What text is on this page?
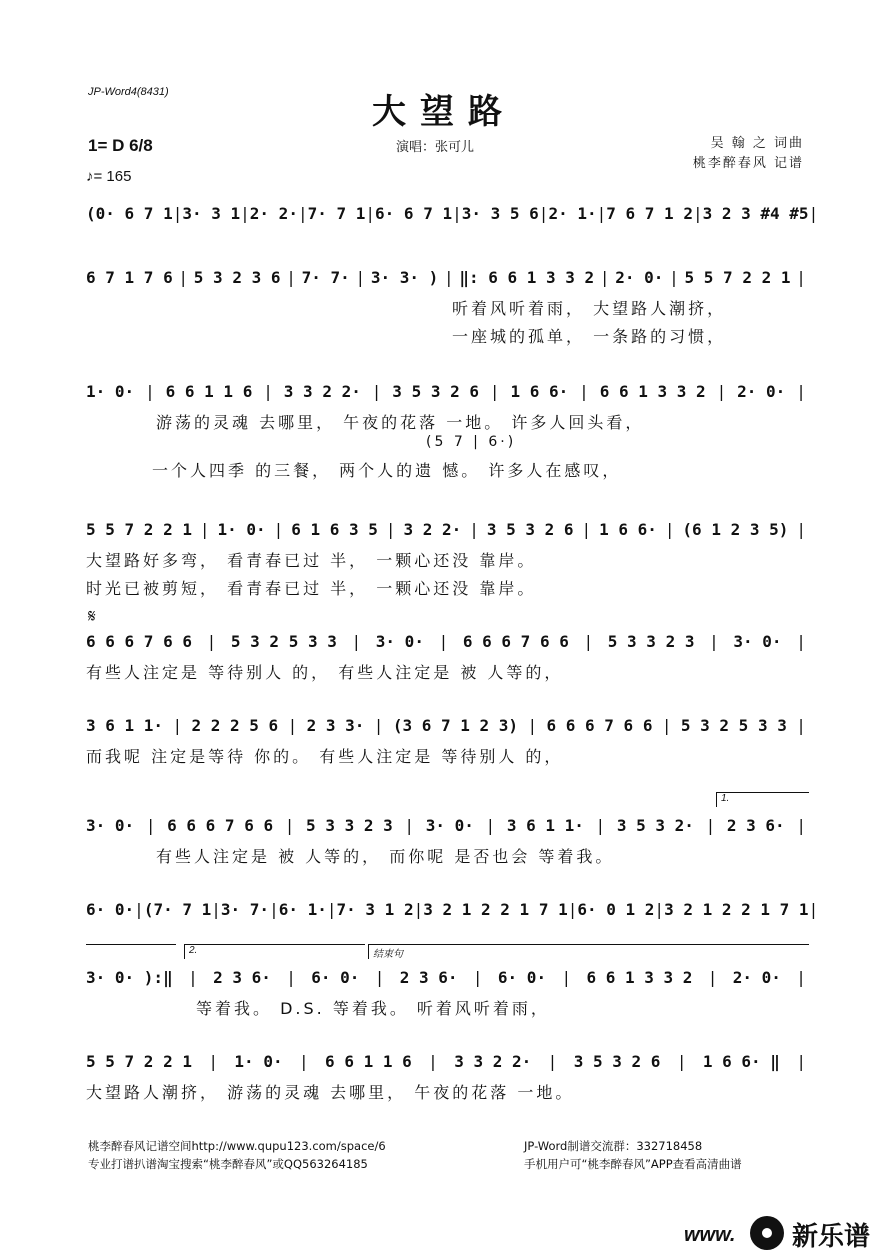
JP-Word4(8431)	大望路
1= D 6/8
♪= 165
演唱：张可儿	吴 翰 之 词曲
桃李醉春风 记谱
(0· 6 7 1 | 3· 3 1 | 2· 2· | 7· 7 1 | 6· 6 7 1 | 3· 3 5 6 | 2· 1· | 7 6 7 1 2 | 3 2 3 #4 #5 |
6 7 1 7 6 | 5 3 2 3 6 | 7· 7· | 3· 3· ) | ‖: 6 6 1 3 3 2 | 2· 0· | 5 5 7 2 2 1 |
听着风听着雨， 大望路人潮挤，
一座城的孤单， 一条路的习惯，
1· 0· | 6 6 1 1 6 | 3 3 2 2· | 3 5 3 2 6 | 1 6 6· | 6 6 1 3 3 2 | 2· 0· |
游荡的灵魂 去哪里， 午夜的花落 一地。 许多人回头看，
(5 7 | 6·)
一个人四季 的三餐， 两个人的遗 憾。 许多人在感叹，
5 5 7 2 2 1 | 1· 0· | 6 1 6 3 5 | 3 2 2· | 3 5 3 2 6 | 1 6 6· | (6 1 2 3 5) |
大望路好多弯， 看青春已过 半， 一颗心还没 靠岸。
时光已被剪短， 看青春已过 半， 一颗心还没 靠岸。
𝄋
6 6 6 7 6 6 | 5 3 2 5 3 3 | 3· 0· | 6 6 6 7 6 6 | 5 3 3 2 3 | 3· 0· |
有些人注定是 等待别人 的， 有些人注定是 被 人等的，
3 6 1 1· | 2 2 2 5 6 | 2 3 3· | (3 6 7 1 2 3) | 6 6 6 7 6 6 | 5 3 2 5 3 3 |
而我呢 注定是等待 你的。 有些人注定是 等待别人 的，
1.
3· 0· | 6 6 6 7 6 6 | 5 3 3 2 3 | 3· 0· | 3 6 1 1· | 3 5 3 2· | 2 3 6· |
有些人注定是 被 人等的， 而你呢 是否也会 等着我。
6· 0· | (7· 7 1 | 3· 7· | 6· 1· | 7· 3 1 2 | 3 2 1 2 2 1 7 1 | 6· 0 1 2 | 3 2 1 2 2 1 7 1 |
2.	结束句
3· 0· ):‖ | 2 3 6· | 6· 0· | 2 3 6· | 6· 0· | 6 6 1 3 3 2 | 2· 0· |
等着我。 D.S. 等着我。 听着风听着雨，
5 5 7 2 2 1 | 1· 0· | 6 6 1 1 6 | 3 3 2 2· | 3 5 3 2 6 | 1 6 6· ‖ |
大望路人潮挤， 游荡的灵魂 去哪里， 午夜的花落 一地。
桃李醉春风记谱空间http://www.qupu123.com/space/6
专业打谱扒谱淘宝搜索“桃李醉春风”或QQ563264185
JP-Word制谱交流群：332718458
手机用户可“桃李醉春风”APP查看高清曲谱
www. 新乐谱
